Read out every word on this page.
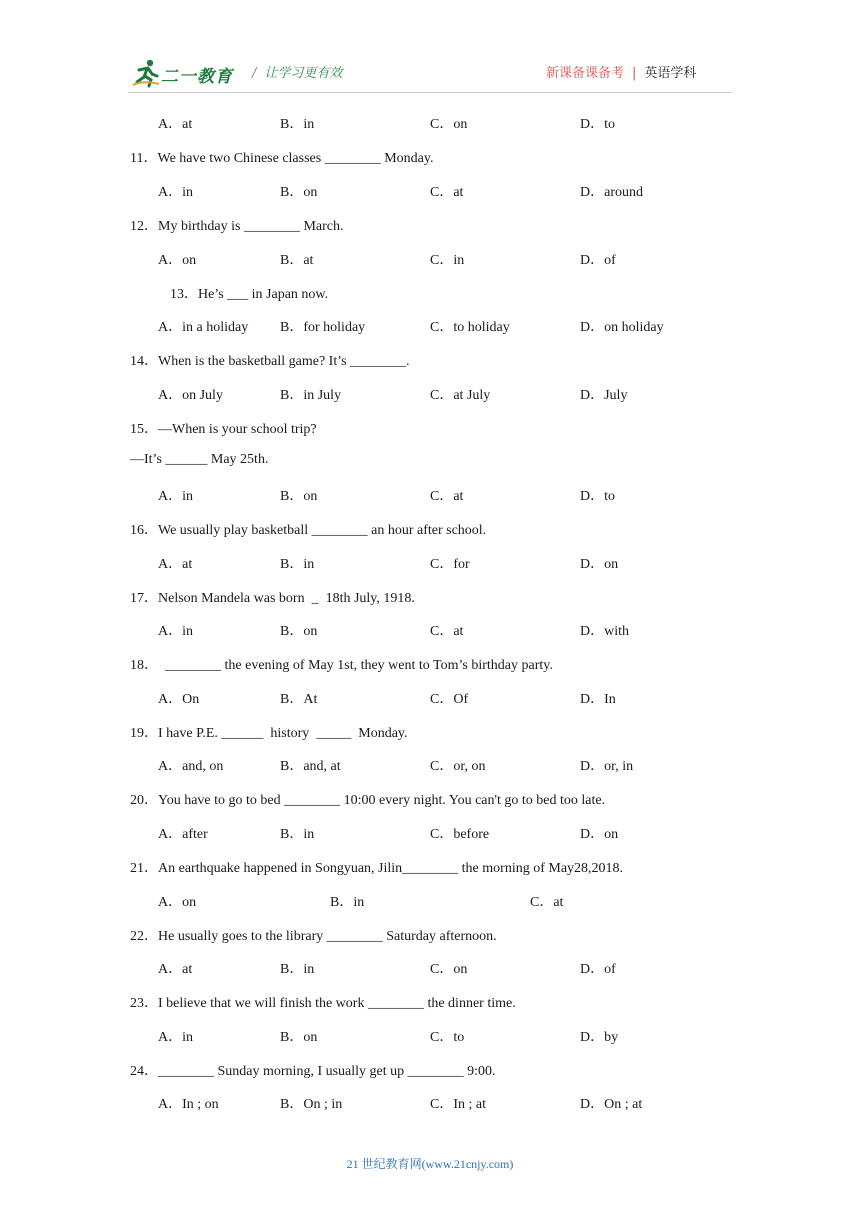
二一教育 / 让学习更有效	新课备课备考 | 英语学科
A．at	B．in	C．on	D．to
11．We have two Chinese classes ________ Monday.
A．in	B．on	C．at	D．around
12．My birthday is ________ March.
A．on	B．at	C．in	D．of
13．He’s ___ in Japan now.
A．in a holiday B．for holiday	C．to holiday	D．on holiday
14．When is the basketball game? It’s ________.
A．on July	B．in July	C．at July	D．July
15．—When is your school trip?
—It’s ______ May 25th.
A．in	B．on	C．at	D．to
16．We usually play basketball ________ an hour after school.
A．at	B．in	C．for	D．on
17．Nelson Mandela was born  _  18th July, 1918.
A．in	B．on	C．at	D．with
18．  ________ the evening of May 1st, they went to Tom’s birthday party.
A．On	B．At	C．Of	D．In
19．I have P.E. ______  history  _____  Monday.
A．and, on	B．and, at	C．or, on	D．or, in
20．You have to go to bed ________ 10:00 every night. You can't go to bed too late.
A．after	B．in	C．before	D．on
21．An earthquake happened in Songyuan, Jilin________ the morning of May28,2018.
A．on	B．in	C．at
22．He usually goes to the library ________ Saturday afternoon.
A．at	B．in	C．on	D．of
23．I believe that we will finish the work ________ the dinner time.
A．in	B．on	C．to	D．by
24．________ Sunday morning, I usually get up ________ 9:00.
A．In ; on	B．On ; in	C．In ; at	D．On ; at
21 世纪教育网(www.21cnjy.com)
